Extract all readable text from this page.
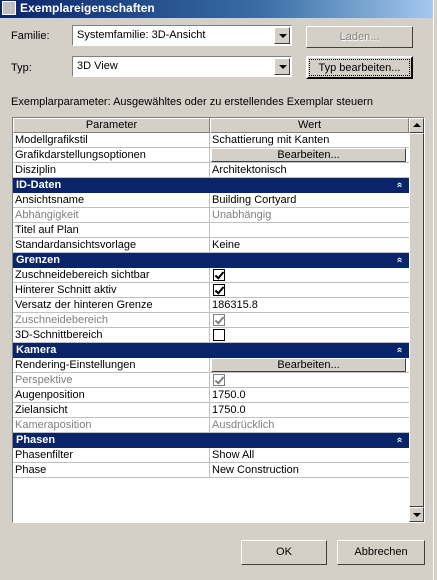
Exemplareigenschaften
Familie: Systemfamilie: 3D-Ansicht	Laden...
Typ:	3D View	Typ bearbeiten...
Exemplarparameter: Ausgewähltes oder zu erstellendes Exemplar steuern
Parameter	Wert
Modellgrafikstil	Schattierung mit Kanten
Grafikdarstellungsoptionen	Bearbeiten...
Disziplin	Architektonisch
ID-Daten	»
Ansichtsname	Building Cortyard
Abhängigkeit	Unabhängig
Titel auf Plan
Standardansichtsvorlage	Keine
Grenzen	»
Zuschneidebereich sichtbar
Hinterer Schnitt aktiv
Versatz der hinteren Grenze	186315.8
Zuschneidebereich
3D-Schnittbereich
Kamera	»
Rendering-Einstellungen	Bearbeiten...
Perspektive
Augenposition	1750.0
Zielansicht	1750.0
Kameraposition	Ausdrücklich
Phasen	»
Phasenfilter	Show All
Phase	New Construction
OK	Abbrechen
